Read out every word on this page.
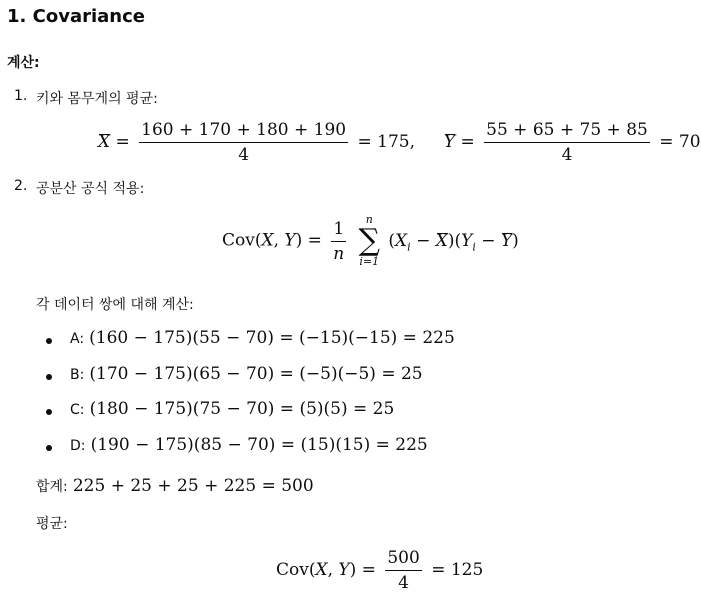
1. Covariance
계산:
1. 키와 몸무게의 평균:
$X = \frac{160 + 170 + 180 + 190}{4} = 175$, $Y = \frac{55 + 65 + 75 + 85}{4} = 70$
2. 공분산 공식 적용:
Cov(X, $Y) = \frac{1}{n}$
n
∑
i=1
$(X_i - X)(Y_i - Y)$
각 데이터 쌍에 대해 계산:
A: (160 − 175)(55 − 70) = (−15)(−15) = 225
B: (170 − 175)(65 − 70) = (−5)(−5) = 25
C: (180 − 175)(75 − 70) = (5)(5) = 25
D: (190 − 175)(85 − 70) = (15)(15) = 225
합계: 225 + 25 + 25 + 225 = 500
평균:
Cov(X, $Y) = \frac{500}{4} = 125$
